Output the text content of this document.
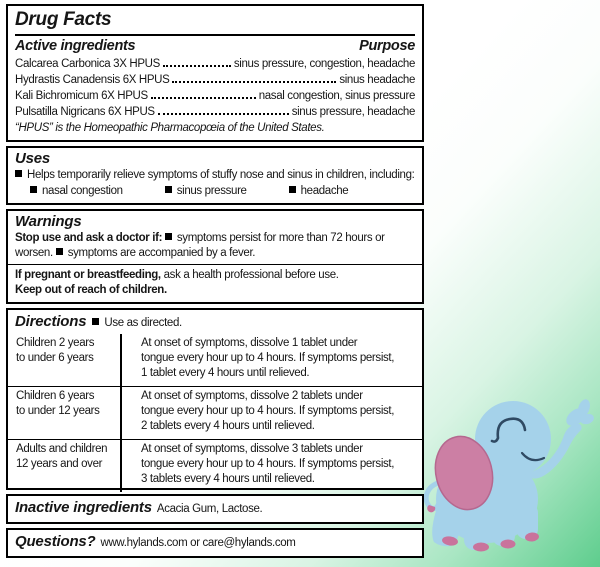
Drug Facts
Active ingredients	Purpose
Calcarea Carbonica 3X HPUS	sinus pressure, congestion, headache
Hydrastis Canadensis 6X HPUS	sinus headache
Kali Bichromicum 6X HPUS	nasal congestion, sinus pressure
Pulsatilla Nigricans 6X HPUS	sinus pressure, headache
“HPUS” is the Homeopathic Pharmacopœia of the United States.
Uses
Helps temporarily relieve symptoms of stuffy nose and sinus in children, including:
nasal congestion	sinus pressure	headache
Warnings
Stop use and ask a doctor if: symptoms persist for more than 72 hours or worsen. symptoms are accompanied by a fever.
If pregnant or breastfeeding, ask a health professional before use.
Keep out of reach of children.
Directions Use as directed.
Children 2 years
to under 6 years
At onset of symptoms, dissolve 1 tablet under
tongue every hour up to 4 hours. If symptoms persist,
1 tablet every 4 hours until relieved.
Children 6 years
to under 12 years
At onset of symptoms, dissolve 2 tablets under
tongue every hour up to 4 hours. If symptoms persist,
2 tablets every 4 hours until relieved.
Adults and children
12 years and over
At onset of symptoms, dissolve 3 tablets under
tongue every hour up to 4 hours. If symptoms persist,
3 tablets every 4 hours until relieved.
Inactive ingredients Acacia Gum, Lactose.
Questions? www.hylands.com or care@hylands.com
